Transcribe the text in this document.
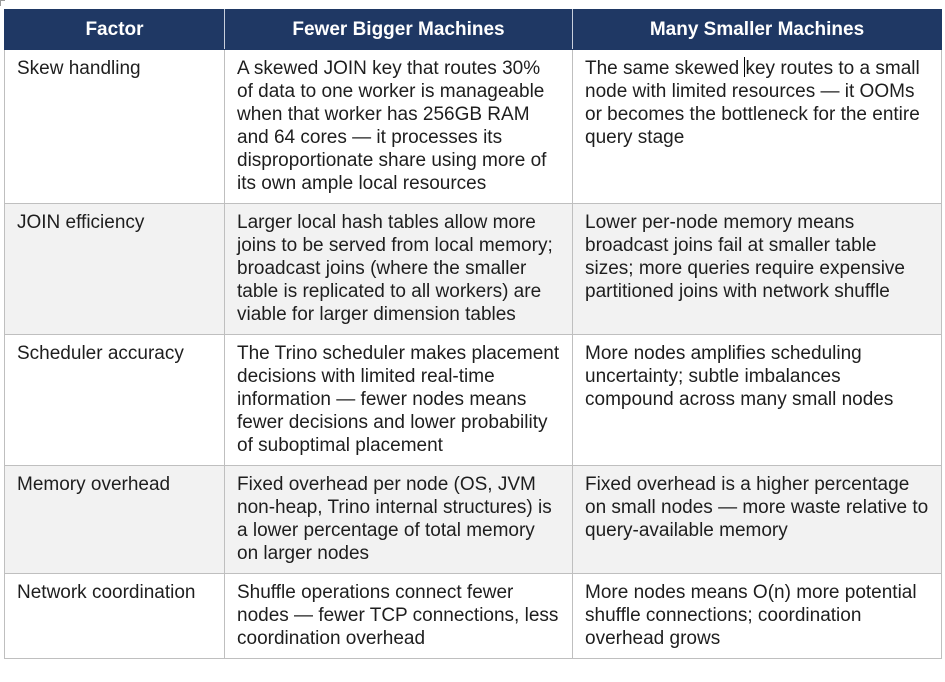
Factor	Fewer Bigger Machines	Many Smaller Machines
Skew handling	A skewed JOIN key that routes 30% of data to one worker is manageable when that worker has 256GB RAM and 64 cores — it processes its disproportionate share using more of its own ample local resources	The same skewed key routes to a small node with limited resources — it OOMs or becomes the bottleneck for the entire query stage
JOIN efficiency	Larger local hash tables allow more joins to be served from local memory; broadcast joins (where the smaller table is replicated to all workers) are viable for larger dimension tables	Lower per-node memory means broadcast joins fail at smaller table sizes; more queries require expensive partitioned joins with network shuffle
Scheduler accuracy	The Trino scheduler makes placement decisions with limited real-time information — fewer nodes means fewer decisions and lower probability of suboptimal placement	More nodes amplifies scheduling uncertainty; subtle imbalances compound across many small nodes
Memory overhead	Fixed overhead per node (OS, JVM non-heap, Trino internal structures) is a lower percentage of total memory on larger nodes	Fixed overhead is a higher percentage on small nodes — more waste relative to query-available memory
Network coordination	Shuffle operations connect fewer nodes — fewer TCP connections, less coordination overhead	More nodes means O(n) more potential shuffle connections; coordination overhead grows
